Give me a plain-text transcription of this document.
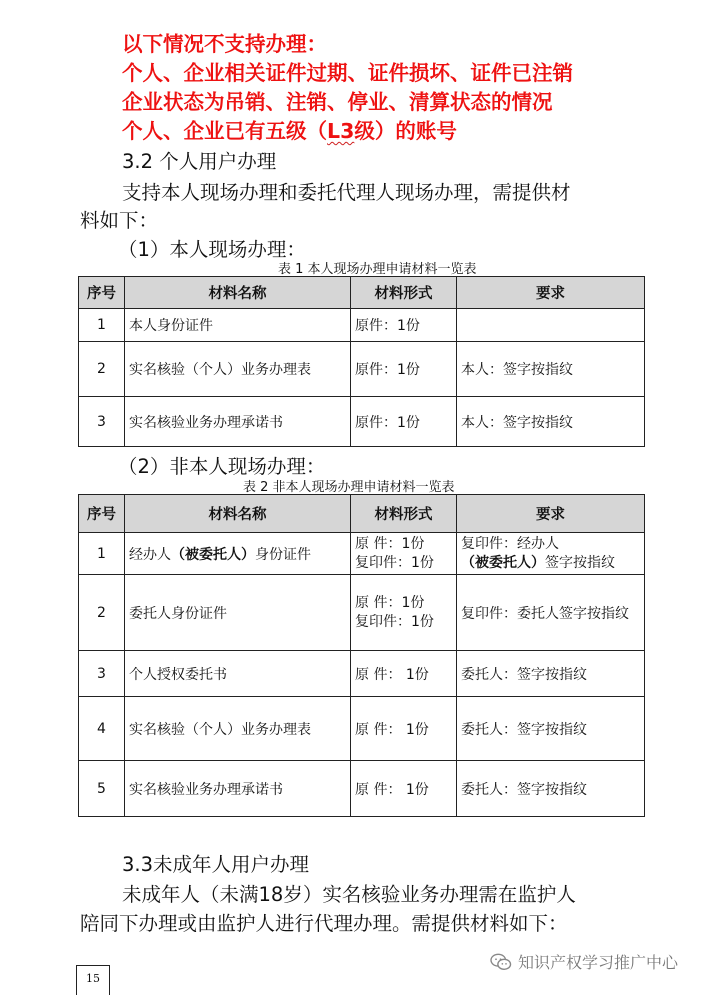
以下情况不支持办理：
个人、企业相关证件过期、证件损坏、证件已注销
企业状态为吊销、注销、停业、清算状态的情况
个人、企业已有五级（L3级）的账号
3.2 个人用户办理
支持本人现场办理和委托代理人现场办理，需提供材
料如下：
（1）本人现场办理：
表 1 本人现场办理申请材料一览表
序号	材料名称	材料形式	要求
1	本人身份证件	原件：1份	
2	实名核验（个人）业务办理表	原件：1份	本人：签字按指纹
3	实名核验业务办理承诺书	原件：1份	本人：签字按指纹
（2）非本人现场办理：
表 2 非本人现场办理申请材料一览表
序号	材料名称	材料形式	要求
1	经办人（被委托人）身份证件	原 件：1份
复印件：1份	复印件：经办人（被委托人）签字按指纹
2	委托人身份证件	原 件：1份
复印件：1份	复印件：委托人签字按指纹
3	个人授权委托书	原 件： 1份	委托人：签字按指纹
4	实名核验（个人）业务办理表	原 件： 1份	委托人：签字按指纹
5	实名核验业务办理承诺书	原 件： 1份	委托人：签字按指纹
3.3未成年人用户办理
未成年人（未满18岁）实名核验业务办理需在监护人
陪同下办理或由监护人进行代理办理。需提供材料如下：
15
知识产权学习推广中心
